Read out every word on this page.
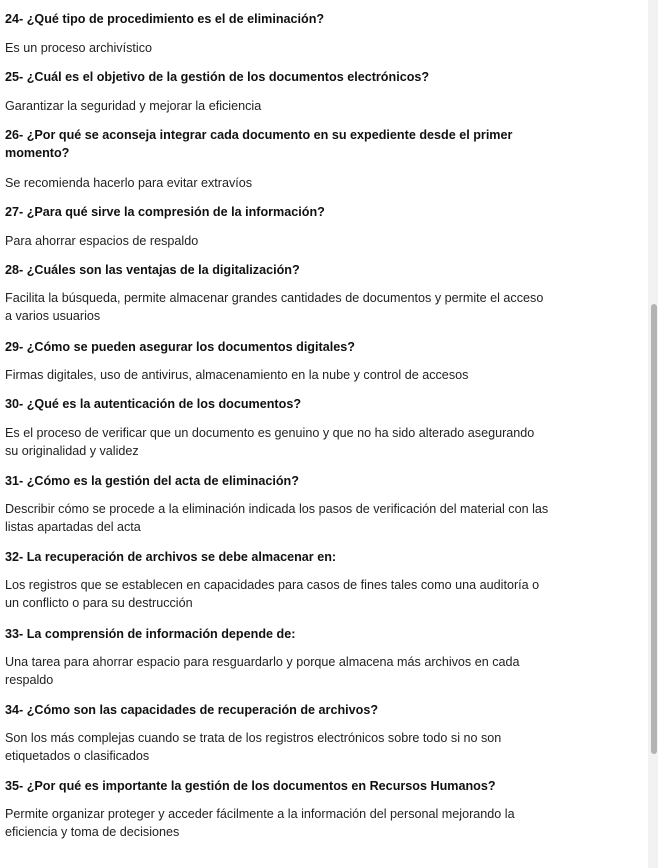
24- ¿Qué tipo de procedimiento es el de eliminación?

Es un proceso archivístico

25- ¿Cuál es el objetivo de la gestión de los documentos electrónicos?

Garantizar la seguridad y mejorar la eficiencia

26- ¿Por qué se aconseja integrar cada documento en su expediente desde el primer momento?

Se recomienda hacerlo para evitar extravíos

27- ¿Para qué sirve la compresión de la información?

Para ahorrar espacios de respaldo

28- ¿Cuáles son las ventajas de la digitalización?

Facilita la búsqueda, permite almacenar grandes cantidades de documentos y permite el acceso a varios usuarios

29- ¿Cómo se pueden asegurar los documentos digitales?

Firmas digitales, uso de antivirus, almacenamiento en la nube y control de accesos

30- ¿Qué es la autenticación de los documentos?

Es el proceso de verificar que un documento es genuino y que no ha sido alterado asegurando su originalidad y validez

31- ¿Cómo es la gestión del acta de eliminación?

Describir cómo se procede a la eliminación indicada los pasos de verificación del material con las listas apartadas del acta

32- La recuperación de archivos se debe almacenar en:

Los registros que se establecen en capacidades para casos de fines tales como una auditoría o un conflicto o para su destrucción

33- La comprensión de información depende de:

Una tarea para ahorrar espacio para resguardarlo y porque almacena más archivos en cada respaldo

34- ¿Cómo son las capacidades de recuperación de archivos?

Son los más complejas cuando se trata de los registros electrónicos sobre todo si no son etiquetados o clasificados

35- ¿Por qué es importante la gestión de los documentos en Recursos Humanos?

Permite organizar proteger y acceder fácilmente a la información del personal mejorando la eficiencia y toma de decisiones
